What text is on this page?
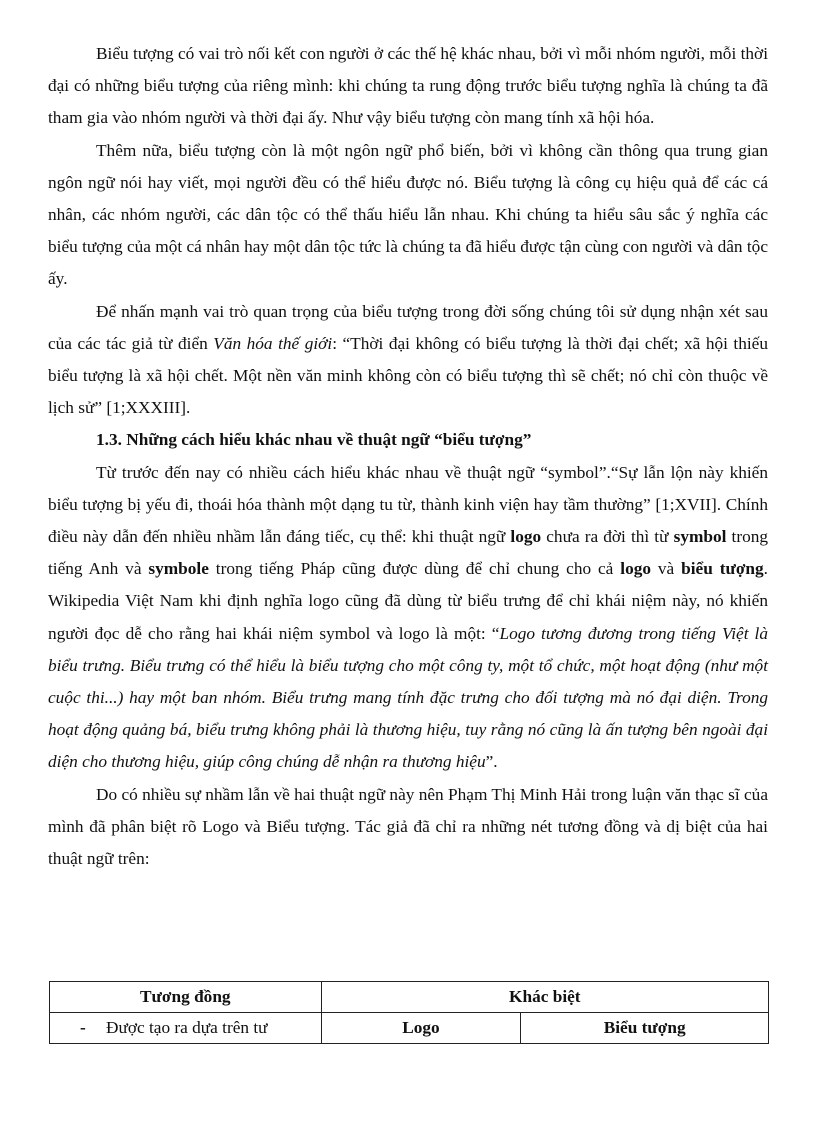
Biểu tượng có vai trò nối kết con người ở các thế hệ khác nhau, bởi vì mỗi nhóm người, mỗi thời đại có những biểu tượng của riêng mình: khi chúng ta rung động trước biểu tượng nghĩa là chúng ta đã tham gia vào nhóm người và thời đại ấy. Như vậy biểu tượng còn mang tính xã hội hóa.

Thêm nữa, biểu tượng còn là một ngôn ngữ phổ biến, bởi vì không cần thông qua trung gian ngôn ngữ nói hay viết, mọi người đều có thể hiểu được nó. Biểu tượng là công cụ hiệu quả để các cá nhân, các nhóm người, các dân tộc có thể thấu hiểu lẫn nhau. Khi chúng ta hiểu sâu sắc ý nghĩa các biểu tượng của một cá nhân hay một dân tộc tức là chúng ta đã hiểu được tận cùng con người và dân tộc ấy.

Để nhấn mạnh vai trò quan trọng của biểu tượng trong đời sống chúng tôi sử dụng nhận xét sau của các tác giả từ điển Văn hóa thế giới: “Thời đại không có biểu tượng là thời đại chết; xã hội thiếu biểu tượng là xã hội chết. Một nền văn minh không còn có biểu tượng thì sẽ chết; nó chỉ còn thuộc về lịch sử” [1;XXXIII].

1.3. Những cách hiểu khác nhau về thuật ngữ “biểu tượng”

Từ trước đến nay có nhiều cách hiểu khác nhau về thuật ngữ “symbol”.“Sự lẫn lộn này khiến biểu tượng bị yếu đi, thoái hóa thành một dạng tu từ, thành kinh viện hay tầm thường” [1;XVII]. Chính điều này dẫn đến nhiều nhầm lẫn đáng tiếc, cụ thể: khi thuật ngữ logo chưa ra đời thì từ symbol trong tiếng Anh và symbole trong tiếng Pháp cũng được dùng để chỉ chung cho cả logo và biểu tượng. Wikipedia Việt Nam khi định nghĩa logo cũng đã dùng từ biểu trưng để chỉ khái niệm này, nó khiến người đọc dễ cho rằng hai khái niệm symbol và logo là một: “Logo tương đương trong tiếng Việt là biểu trưng. Biểu trưng có thể hiểu là biểu tượng cho một công ty, một tổ chức, một hoạt động (như một cuộc thi...) hay một ban nhóm. Biểu trưng mang tính đặc trưng cho đối tượng mà nó đại diện. Trong hoạt động quảng bá, biểu trưng không phải là thương hiệu, tuy rằng nó cũng là ấn tượng bên ngoài đại diện cho thương hiệu, giúp công chúng dễ nhận ra thương hiệu”.

Do có nhiều sự nhầm lẫn về hai thuật ngữ này nên Phạm Thị Minh Hải trong luận văn thạc sĩ của mình đã phân biệt rõ Logo và Biểu tượng. Tác giả đã chỉ ra những nét tương đồng và dị biệt của hai thuật ngữ trên:

Tương đồng	Khác biệt	
- Được tạo ra dựa trên tư	Logo	Biểu tượng
